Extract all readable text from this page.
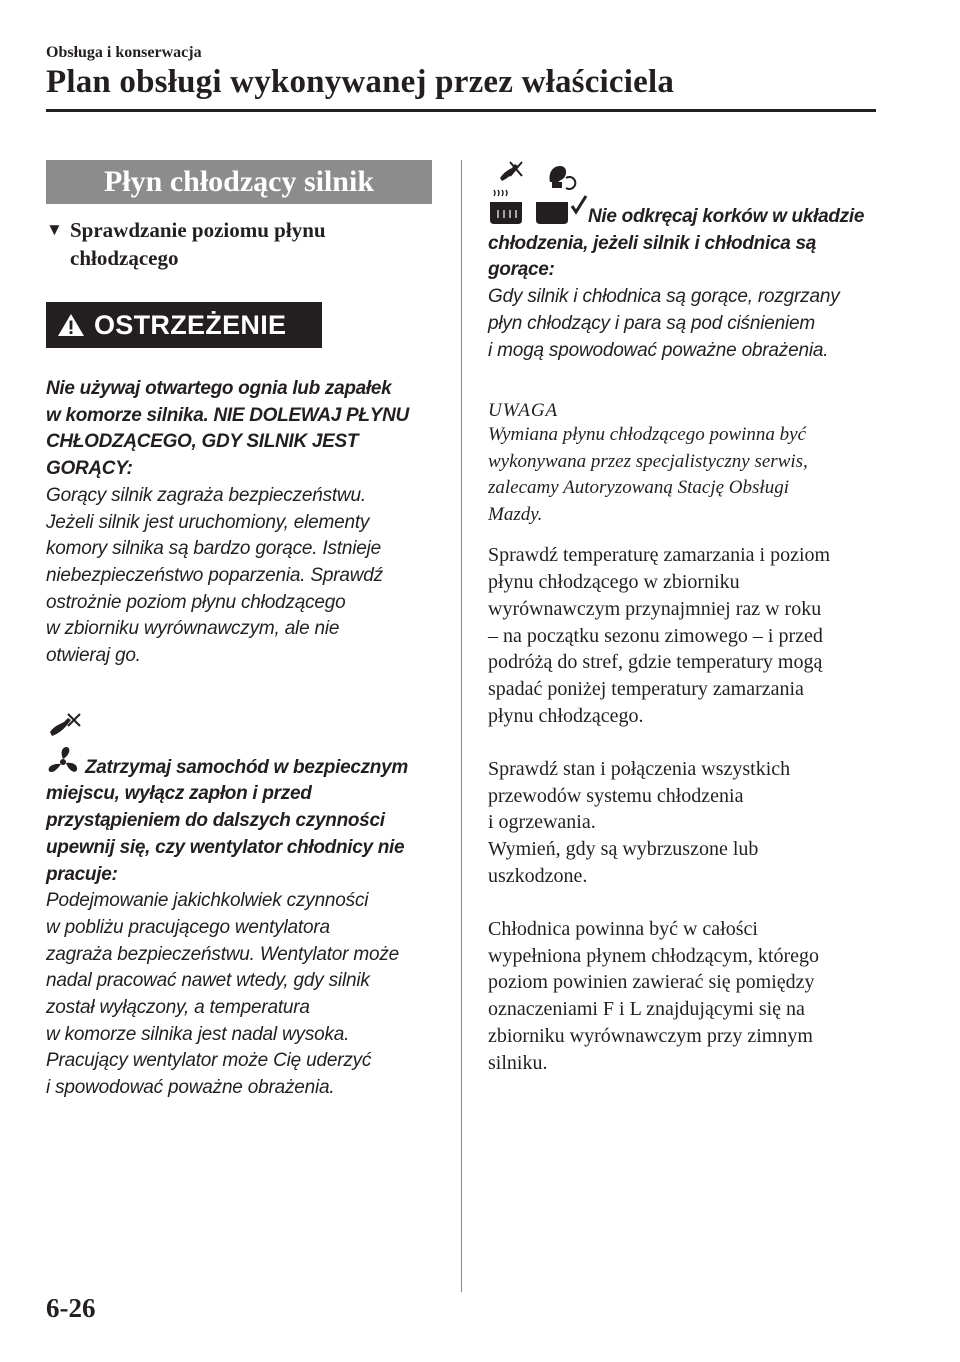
Obsługa i konserwacja
Plan obsługi wykonywanej przez właściciela
Płyn chłodzący silnik
▼ Sprawdzanie poziomu płynu
chłodzącego
OSTRZEŻENIE
Nie używaj otwartego ognia lub zapałek
w komorze silnika. NIE DOLEWAJ PŁYNU
CHŁODZĄCEGO, GDY SILNIK JEST GORĄCY:
Gorący silnik zagraża bezpieczeństwu.
Jeżeli silnik jest uruchomiony, elementy
komory silnika są bardzo gorące. Istnieje
niebezpieczeństwo poparzenia. Sprawdź
ostrożnie poziom płynu chłodzącego
w zbiorniku wyrównawczym, ale nie
otwieraj go.
Zatrzymaj samochód w bezpiecznym
miejscu, wyłącz zapłon i przed
przystąpieniem do dalszych czynności
upewnij się, czy wentylator chłodnicy nie
pracuje:
Podejmowanie jakichkolwiek czynności
w pobliżu pracującego wentylatora
zagraża bezpieczeństwu. Wentylator może
nadal pracować nawet wtedy, gdy silnik
został wyłączony, a temperatura
w komorze silnika jest nadal wysoka.
Pracujący wentylator może Cię uderzyć
i spowodować poważne obrażenia.
Nie odkręcaj korków w układzie
chłodzenia, jeżeli silnik i chłodnica są
gorące:
Gdy silnik i chłodnica są gorące, rozgrzany
płyn chłodzący i para są pod ciśnieniem
i mogą spowodować poważne obrażenia.
UWAGA
Wymiana płynu chłodzącego powinna być
wykonywana przez specjalistyczny serwis,
zalecamy Autoryzowaną Stację Obsługi
Mazdy.
Sprawdź temperaturę zamarzania i poziom
płynu chłodzącego w zbiorniku
wyrównawczym przynajmniej raz w roku
– na początku sezonu zimowego – i przed
podróżą do stref, gdzie temperatury mogą
spadać poniżej temperatury zamarzania
płynu chłodzącego.
Sprawdź stan i połączenia wszystkich
przewodów systemu chłodzenia
i ogrzewania.
Wymień, gdy są wybrzuszone lub
uszkodzone.
Chłodnica powinna być w całości
wypełniona płynem chłodzącym, którego
poziom powinien zawierać się pomiędzy
oznaczeniami F i L znajdującymi się na
zbiorniku wyrównawczym przy zimnym
silniku.
6-26
